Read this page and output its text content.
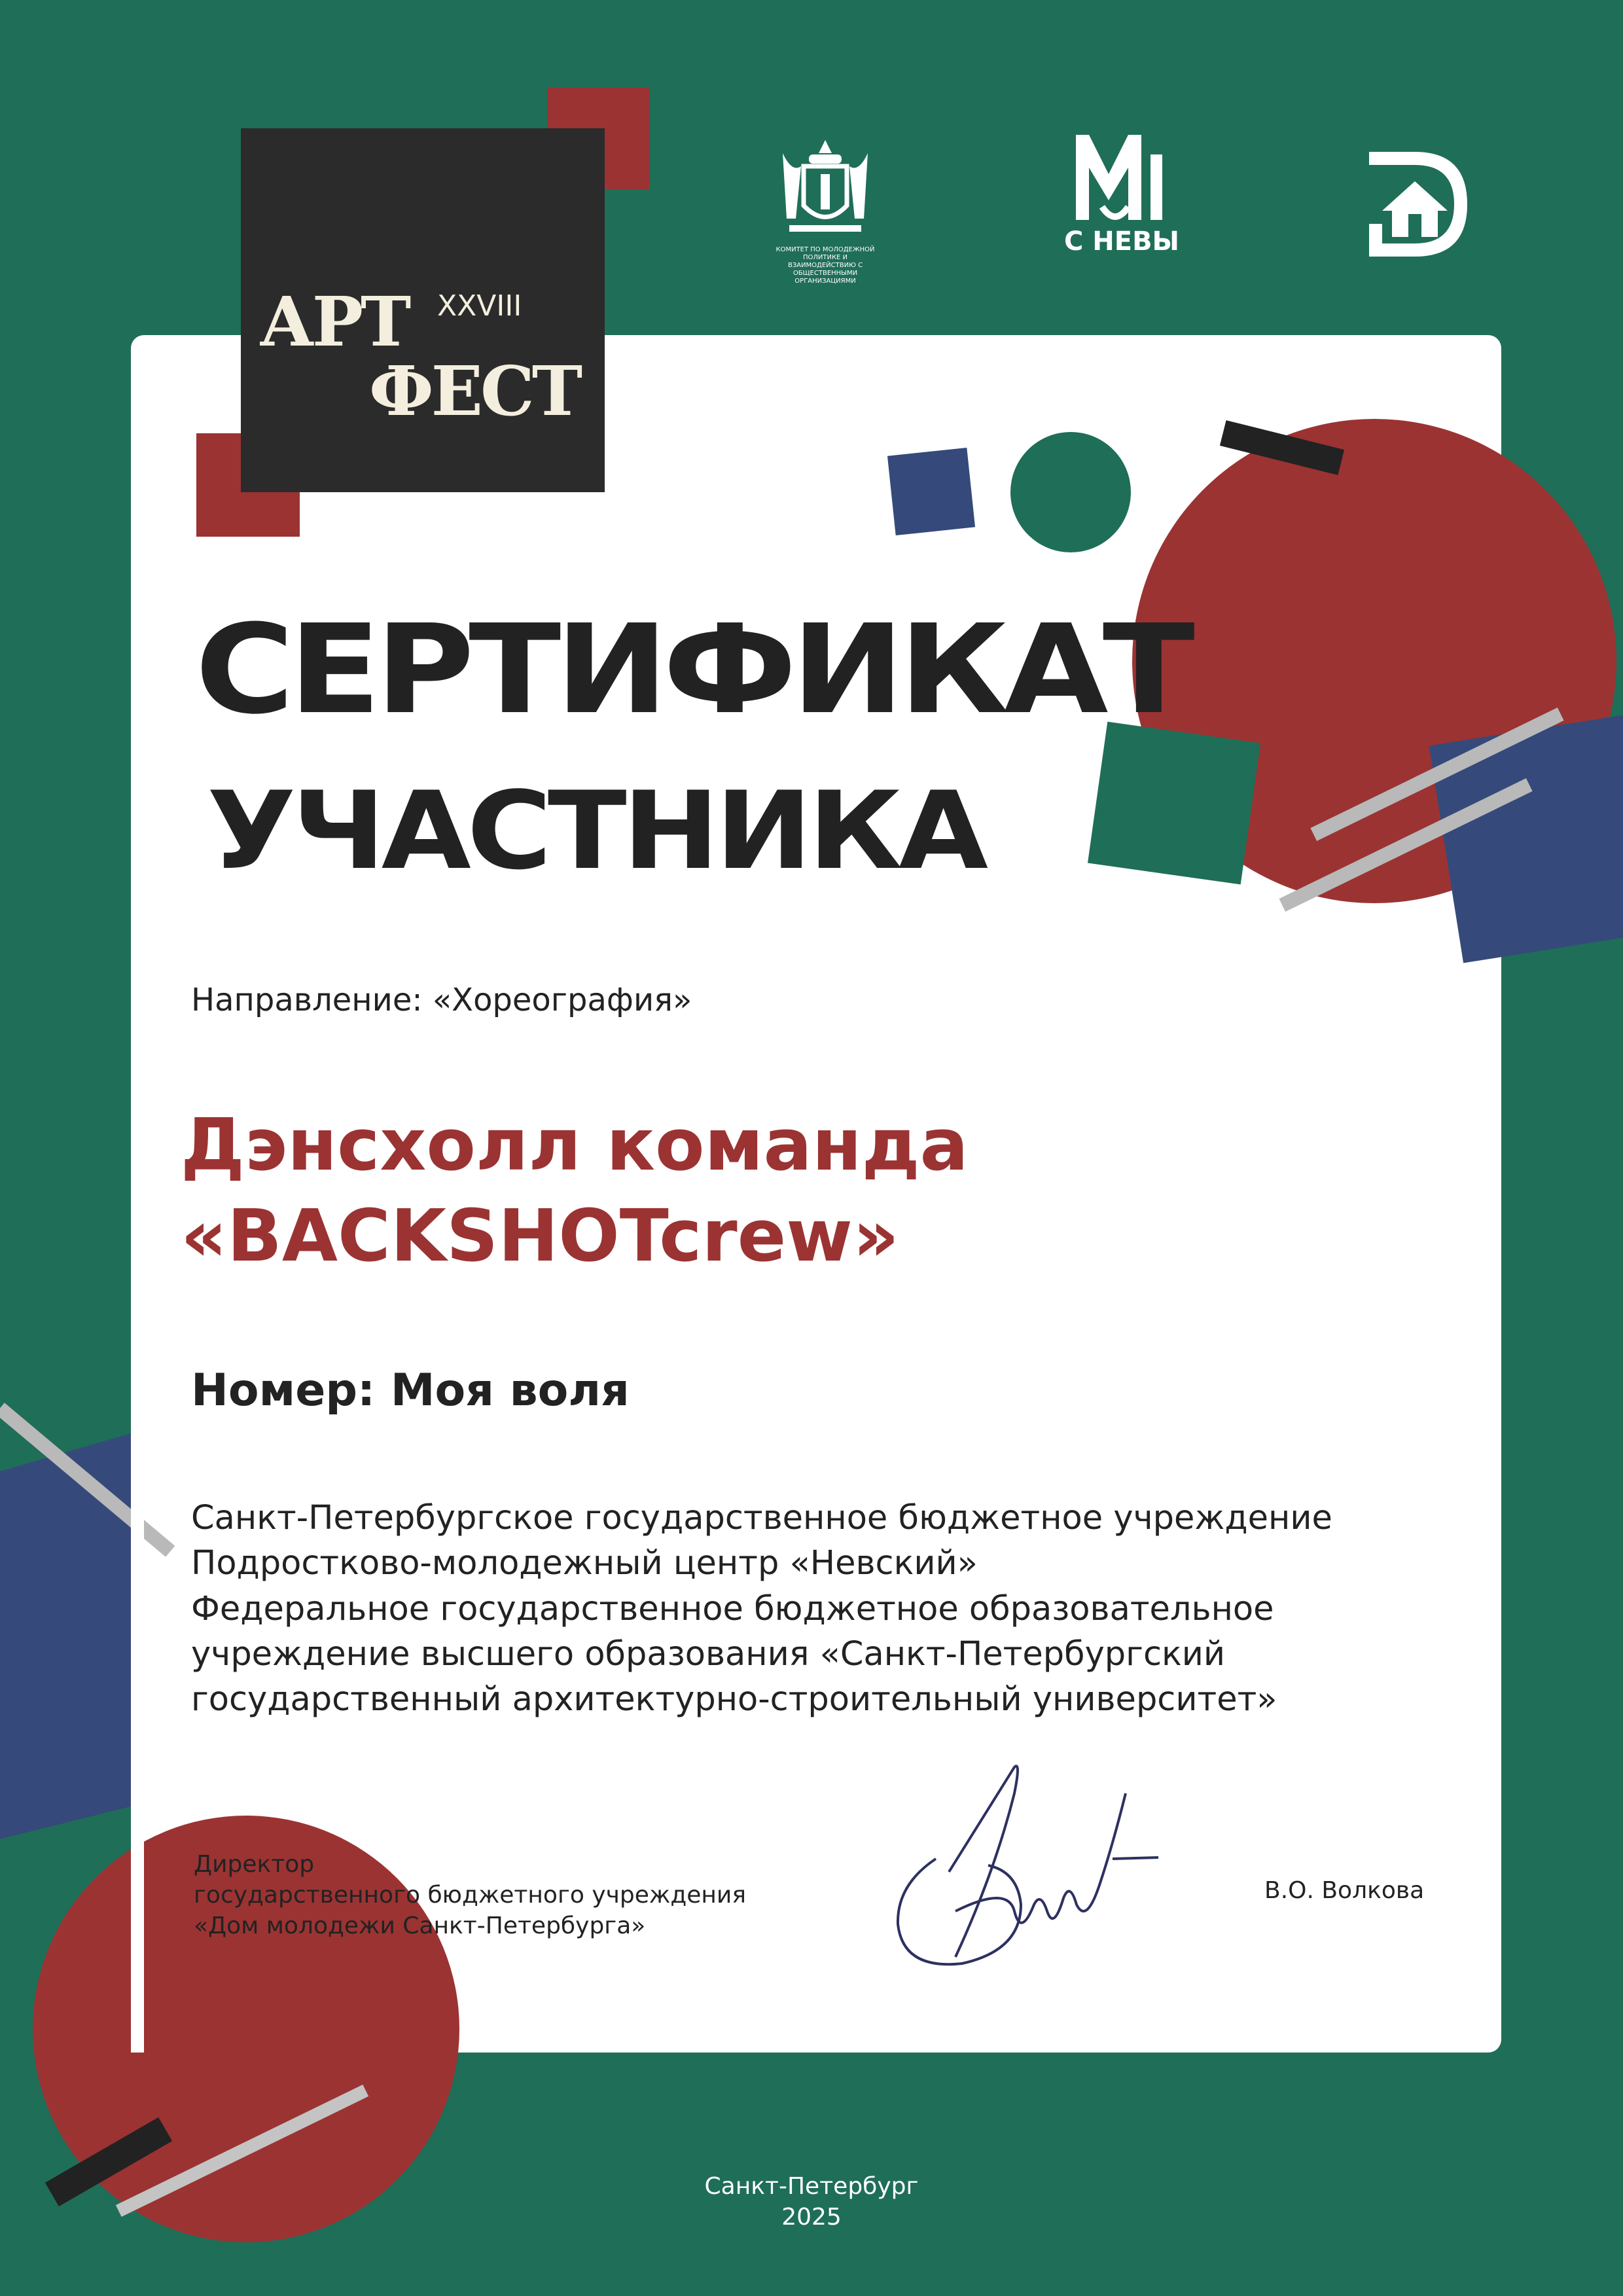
АРТ XXVIII
ФЕСТ
КОМИТЕТ ПО МОЛОДЕЖНОЙ ПОЛИТИКЕ И ВЗАИМОДЕЙСТВИЮ С ОБЩЕСТВЕННЫМИ ОРГАНИЗАЦИЯМИ
С НЕВЫ
СЕРТИФИКАТ
УЧАСТНИКА
Направление: «Хореография»
Дэнсхолл команда
«BACKSHOTcrew»
Номер: Моя воля
Санкт-Петербургское государственное бюджетное учреждение
Подростково-молодежный центр «Невский»
Федеральное государственное бюджетное образовательное
учреждение высшего образования «Санкт-Петербургский
государственный архитектурно-строительный университет»
Директор
государственного бюджетного учреждения
«Дом молодежи Санкт-Петербурга»
В.О. Волкова
Санкт-Петербург
2025
